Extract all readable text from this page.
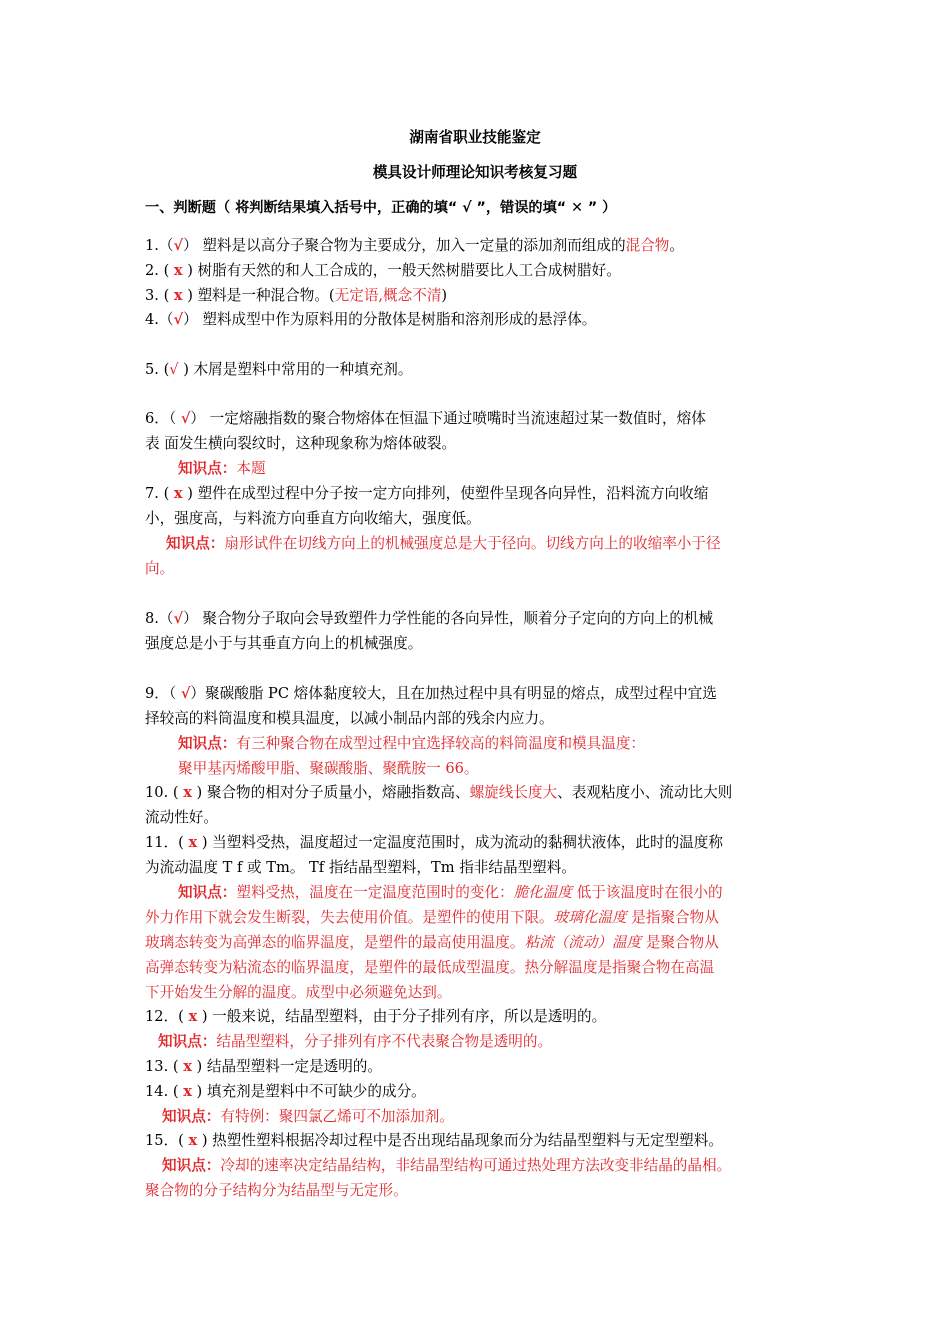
湖南省职业技能鉴定
模具设计师理论知识考核复习题
一、判断题（ 将判断结果填入括号中，正确的填“ √ ”，错误的填“ ✕ ” ）
1.（√） 塑料是以高分子聚合物为主要成分，加入一定量的添加剂而组成的混合物。
2. ( x ) 树脂有天然的和人工合成的，一般天然树腊要比人工合成树腊好。
3. ( x ) 塑料是一种混合物。(无定语,概念不清)
4.（√） 塑料成型中作为原料用的分散体是树脂和溶剂形成的悬浮体。
5. (√ ) 木屑是塑料中常用的一种填充剂。
6．（ √） 一定熔融指数的聚合物熔体在恒温下通过喷嘴时当流速超过某一数值时，熔体
表 面发生横向裂纹时，这种现象称为熔体破裂。
知识点：本题
7. ( x ) 塑件在成型过程中分子按一定方向排列，使塑件呈现各向异性，沿料流方向收缩
小，强度高，与料流方向垂直方向收缩大，强度低。
知识点：扇形试件在切线方向上的机械强度总是大于径向。切线方向上的收缩率小于径
向。
8.（√） 聚合物分子取向会导致塑件力学性能的各向异性，顺着分子定向的方向上的机械
强度总是小于与其垂直方向上的机械强度。
9．（ √）聚碳酸脂 PC 熔体黏度较大，且在加热过程中具有明显的熔点，成型过程中宜选
择较高的料筒温度和模具温度，以减小制品内部的残余内应力。
知识点：有三种聚合物在成型过程中宜选择较高的料筒温度和模具温度：
聚甲基丙烯酸甲脂、聚碳酸脂、聚酰胺一 66。
10. ( x ) 聚合物的相对分子质量小，熔融指数高、螺旋线长度大、表观粘度小、流动比大则
流动性好。
11．( x ) 当塑料受热，温度超过一定温度范围时，成为流动的黏稠状液体，此时的温度称
为流动温度 T f 或 Tm。 Tf 指结晶型塑料，Tm 指非结晶型塑料。
知识点：塑料受热，温度在一定温度范围时的变化：脆化温度 低于该温度时在很小的
外力作用下就会发生断裂，失去使用价值。是塑件的使用下限。玻璃化温度 是指聚合物从
玻璃态转变为高弹态的临界温度，是塑件的最高使用温度。粘流（流动）温度 是聚合物从
高弹态转变为粘流态的临界温度，是塑件的最低成型温度。热分解温度是指聚合物在高温
下开始发生分解的温度。成型中必须避免达到。
12．( x ) 一般来说，结晶型塑料，由于分子排列有序，所以是透明的。
知识点：结晶型塑料，分子排列有序不代表聚合物是透明的。
13. ( x ) 结晶型塑料一定是透明的。
14. ( x ) 填充剂是塑料中不可缺少的成分。
知识点：有特例：聚四氯乙烯可不加添加剂。
15．( x ) 热塑性塑料根据冷却过程中是否出现结晶现象而分为结晶型塑料与无定型塑料。
知识点：冷却的速率决定结晶结构，非结晶型结构可通过热处理方法改变非结晶的晶相。
聚合物的分子结构分为结晶型与无定形。
